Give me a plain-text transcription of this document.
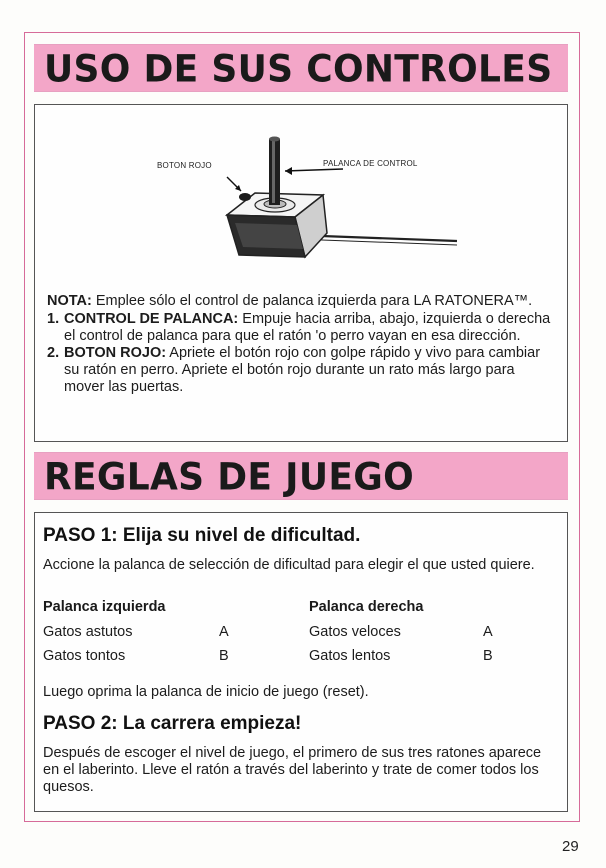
USO DE SUS CONTROLES
BOTON ROJO	PALANCA DE CONTROL

NOTA: Emplee sólo el control de palanca izquierda para LA RATONERA™.

1. CONTROL DE PALANCA: Empuje hacia arriba, abajo, izquierda o derecha el control de palanca para que el ratón 'o perro vayan en esa dirección.
2. BOTON ROJO: Apriete el botón rojo con golpe rápido y vivo para cambiar su ratón en perro. Apriete el botón rojo durante un rato más largo para mover las puertas.
REGLAS DE JUEGO
PASO 1: Elija su nivel de dificultad.

Accione la palanca de selección de dificultad para elegir el que usted quiere.

Palanca izquierda	Palanca derecha
Gatos astutos	A	Gatos veloces	A
Gatos tontos	B	Gatos lentos	B

Luego oprima la palanca de inicio de juego (reset).

PASO 2: La carrera empieza!

Después de escoger el nivel de juego, el primero de sus tres ratones aparece en el laberinto. Lleve el ratón a través del laberinto y trate de comer todos los quesos.

29
